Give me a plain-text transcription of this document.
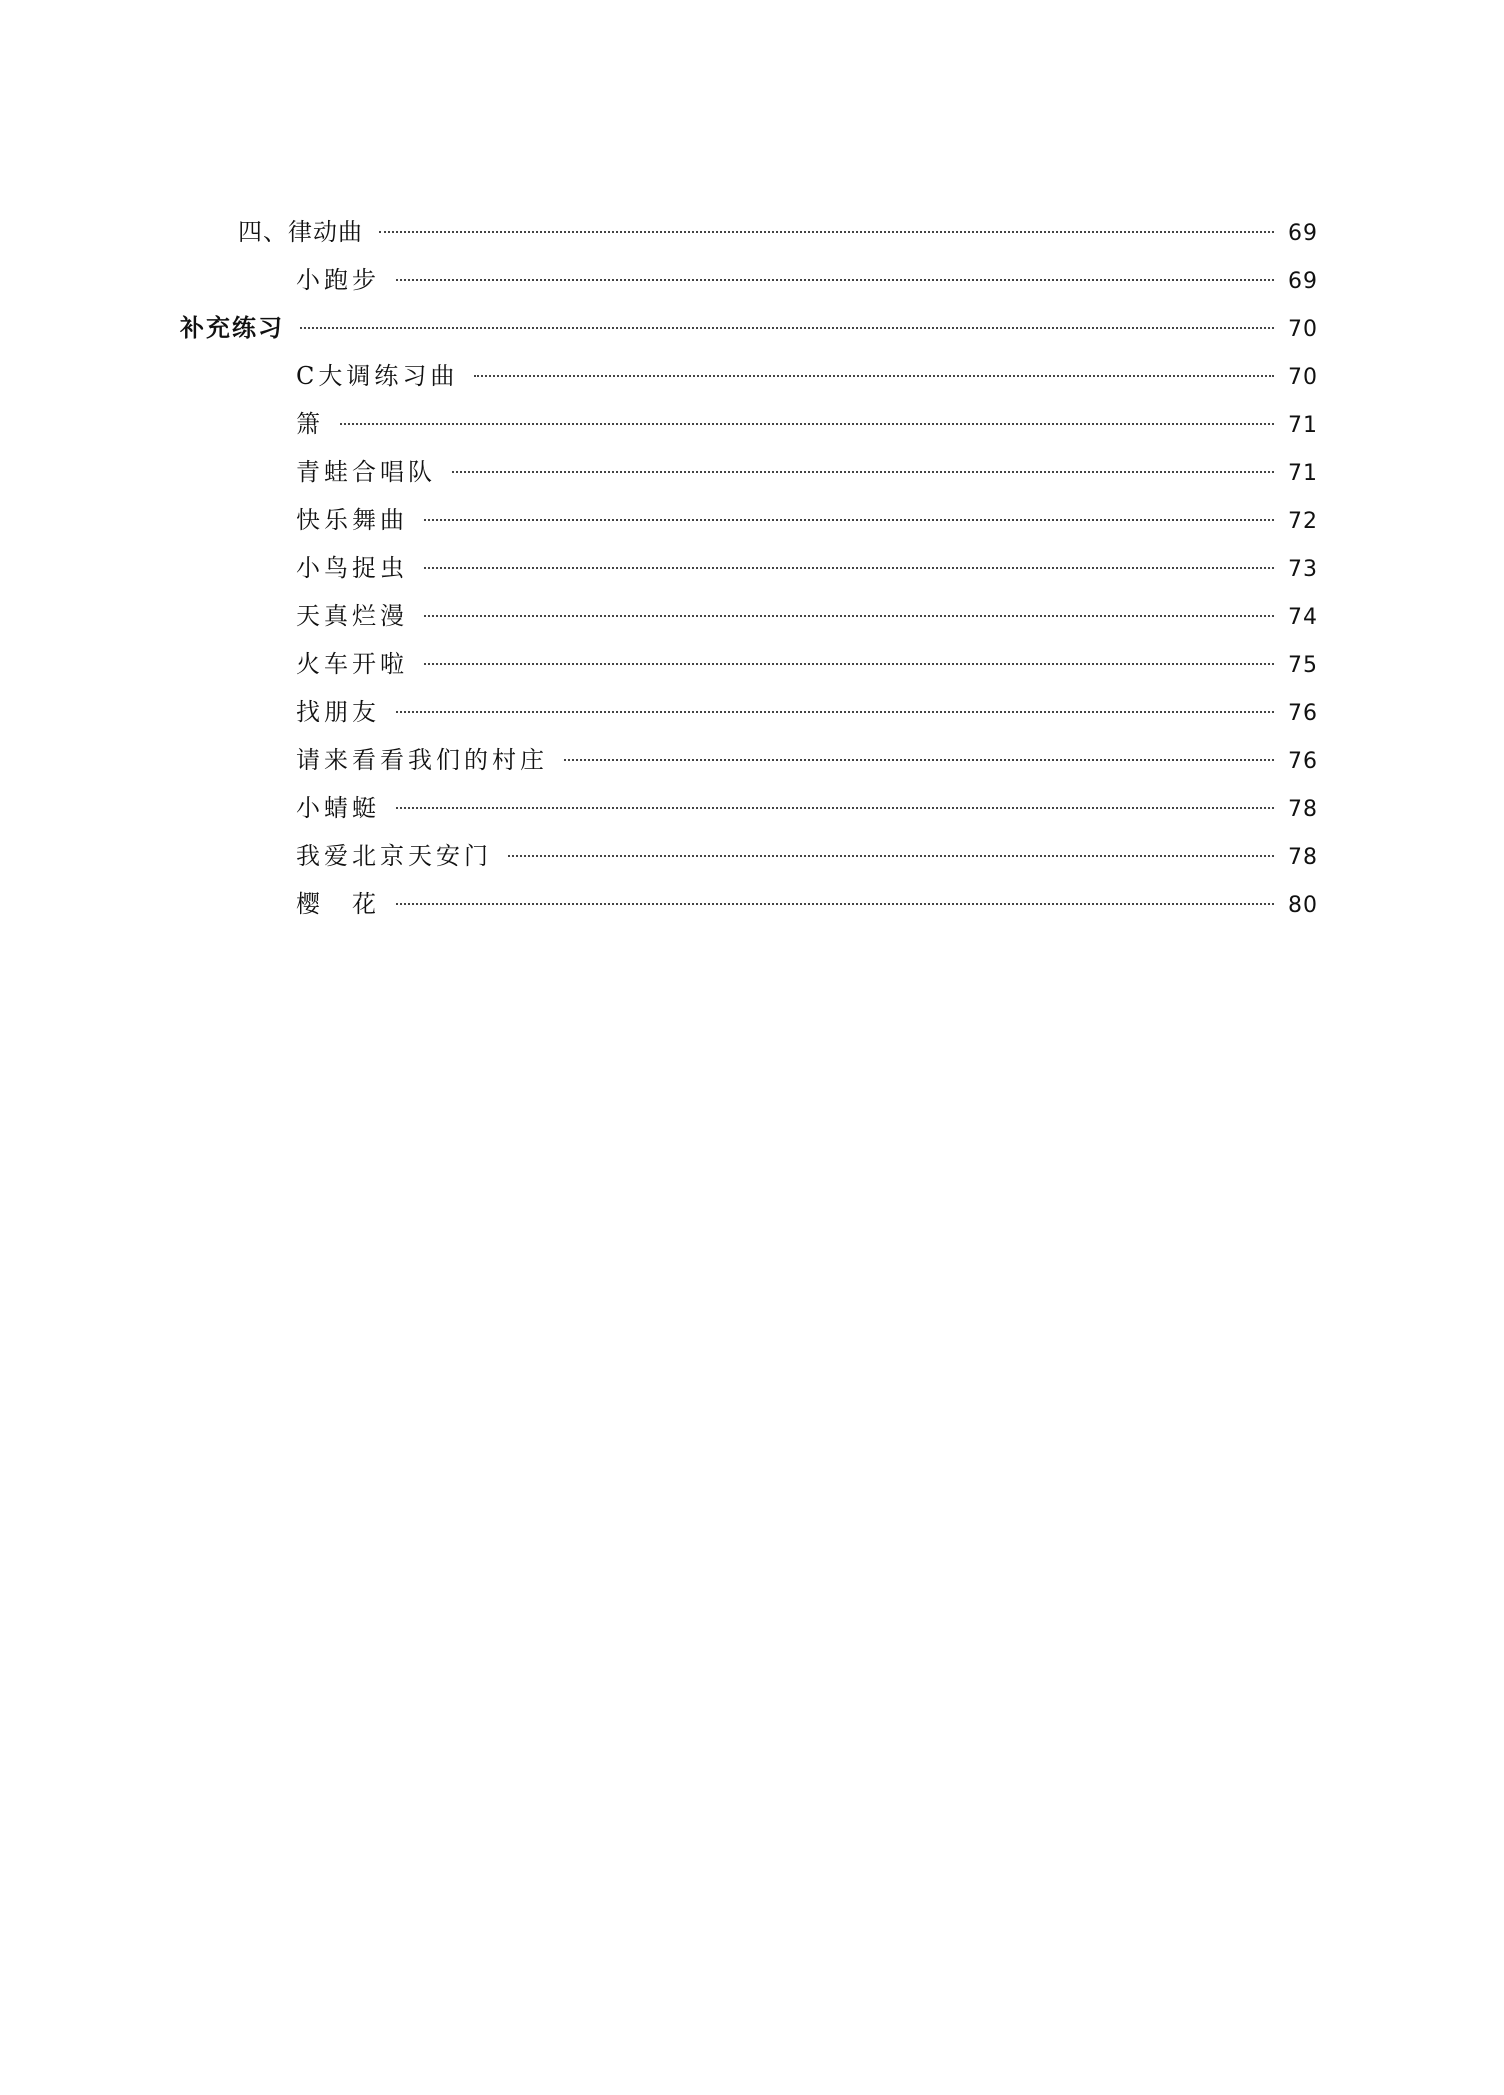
四、律动曲	69
小跑步	69
补充练习	70
C大调练习曲	70
箫	71
青蛙合唱队	71
快乐舞曲	72
小鸟捉虫	73
天真烂漫	74
火车开啦	75
找朋友	76
请来看看我们的村庄	76
小蜻蜓	78
我爱北京天安门	78
樱　花	80
